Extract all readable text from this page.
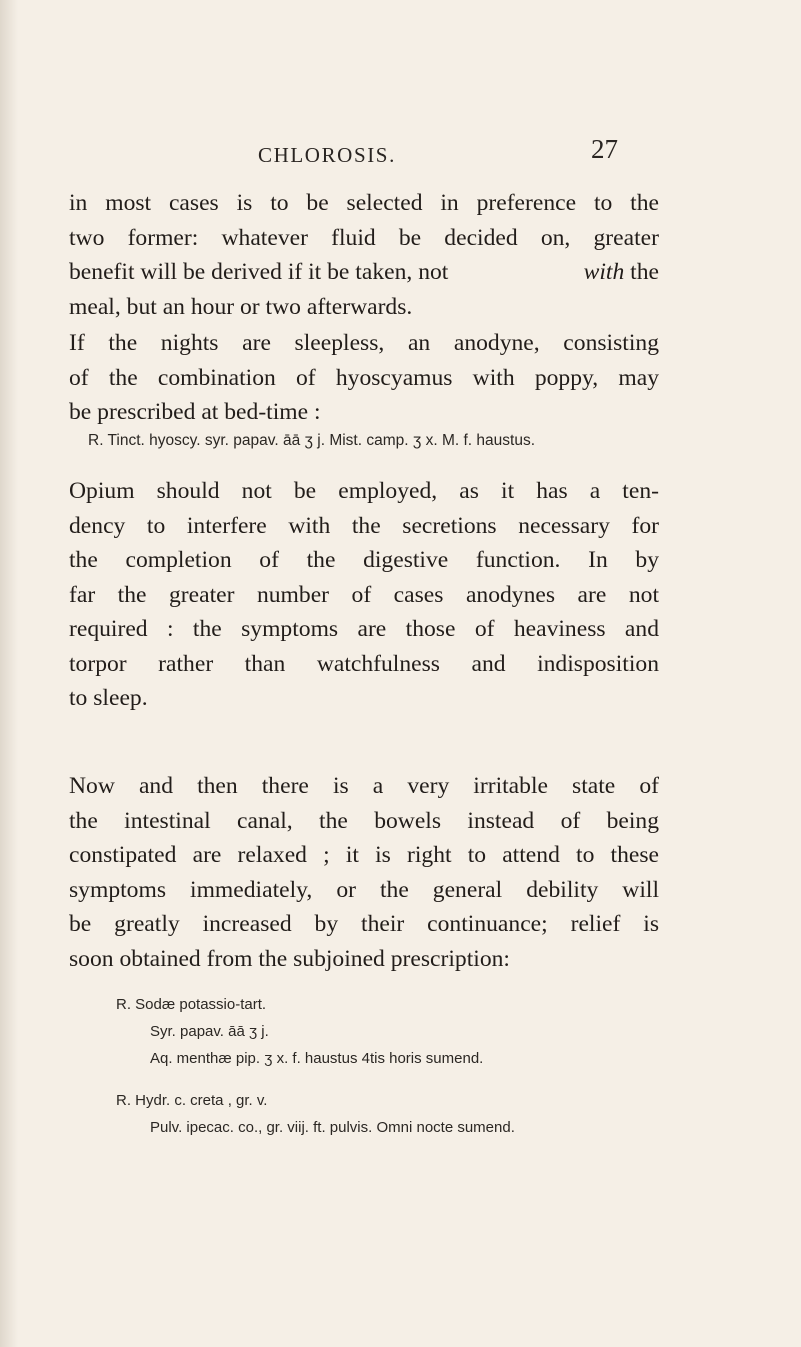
CHLOROSIS.	27
in most cases is to be selected in preference to the
two former: whatever fluid be decided on, greater
benefit will be derived if it be taken, not	with the
meal, but an hour or two afterwards.
If the nights are sleepless, an anodyne, consisting
of the combination of hyoscyamus with poppy, may
be prescribed at bed-time :
R. Tinct. hyoscy. syr. papav. āā ʒ j. Mist. camp. ʒ x. M. f. haustus.
Opium should not be employed, as it has a ten-
dency to interfere with the secretions necessary for
the completion of the digestive function. In by
far the greater number of cases anodynes are not
required : the symptoms are those of heaviness and
torpor rather than watchfulness and indisposition
to sleep.
Now and then there is a very irritable state of
the intestinal canal, the bowels instead of being
constipated are relaxed ; it is right to attend to these
symptoms immediately, or the general debility will
be greatly increased by their continuance; relief is
soon obtained from the subjoined prescription:
R. Sodæ potassio-tart.
Syr. papav. āā ʒ j.
Aq. menthæ pip. ʒ x. f. haustus 4tis horis sumend.
R. Hydr. c. creta , gr. v.
Pulv. ipecac. co., gr. viij. ft. pulvis. Omni nocte sumend.
